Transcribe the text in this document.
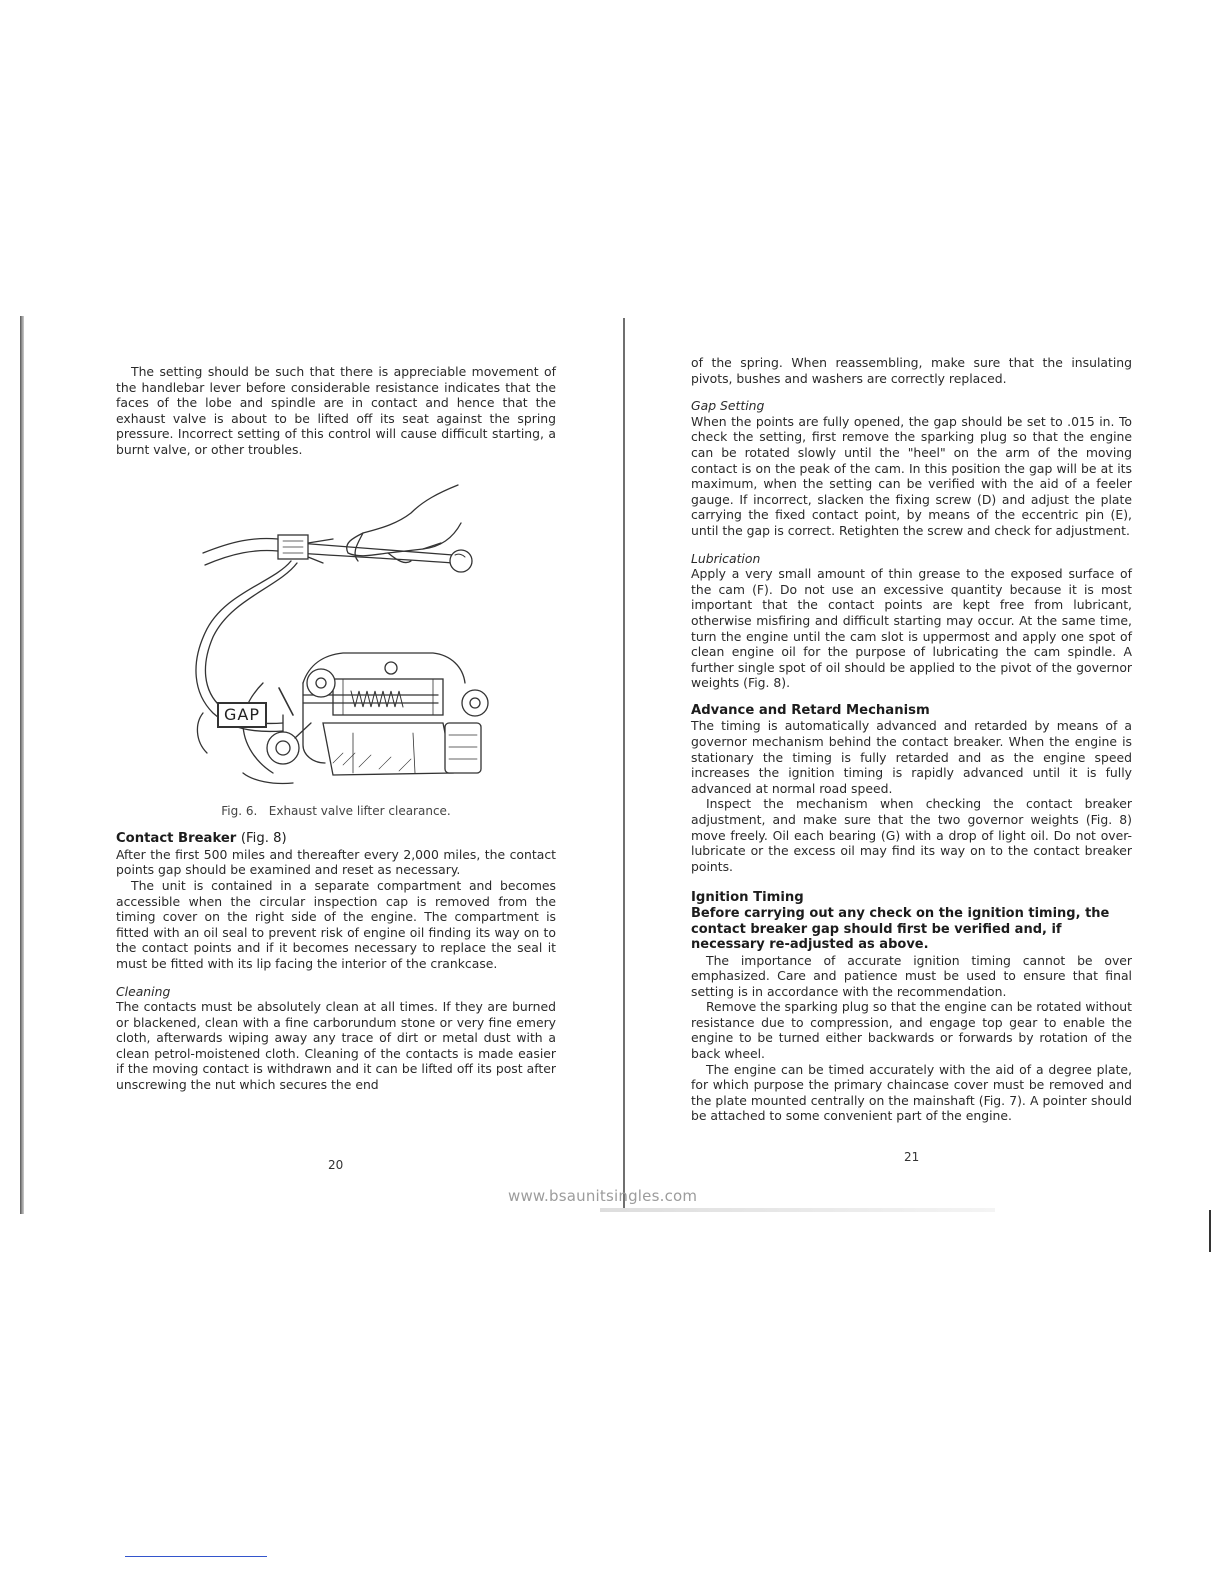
The setting should be such that there is appreciable movement of the handlebar lever before considerable resistance indicates that the faces of the lobe and spindle are in contact and hence that the exhaust valve is about to be lifted off its seat against the spring pressure. Incorrect setting of this control will cause difficult starting, a burnt valve, or other troubles.

GAP

Fig. 6. Exhaust valve lifter clearance.

Contact Breaker (Fig. 8)

After the first 500 miles and thereafter every 2,000 miles, the contact points gap should be examined and reset as necessary.

The unit is contained in a separate compartment and becomes accessible when the circular inspection cap is removed from the timing cover on the right side of the engine. The compartment is fitted with an oil seal to prevent risk of engine oil finding its way on to the contact points and if it becomes necessary to replace the seal it must be fitted with its lip facing the interior of the crankcase.

Cleaning

The contacts must be absolutely clean at all times. If they are burned or blackened, clean with a fine carborundum stone or very fine emery cloth, afterwards wiping away any trace of dirt or metal dust with a clean petrol-moistened cloth. Cleaning of the contacts is made easier if the moving contact is withdrawn and it can be lifted off its post after unscrewing the nut which secures the end

20

of the spring. When reassembling, make sure that the insulating pivots, bushes and washers are correctly replaced.

Gap Setting

When the points are fully opened, the gap should be set to .015 in. To check the setting, first remove the sparking plug so that the engine can be rotated slowly until the "heel" on the arm of the moving contact is on the peak of the cam. In this position the gap will be at its maximum, when the setting can be verified with the aid of a feeler gauge. If incorrect, slacken the fixing screw (D) and adjust the plate carrying the fixed contact point, by means of the eccentric pin (E), until the gap is correct. Retighten the screw and check for adjustment.

Lubrication

Apply a very small amount of thin grease to the exposed surface of the cam (F). Do not use an excessive quantity because it is most important that the contact points are kept free from lubricant, otherwise misfiring and difficult starting may occur. At the same time, turn the engine until the cam slot is uppermost and apply one spot of clean engine oil for the purpose of lubricating the cam spindle. A further single spot of oil should be applied to the pivot of the governor weights (Fig. 8).

Advance and Retard Mechanism

The timing is automatically advanced and retarded by means of a governor mechanism behind the contact breaker. When the engine is stationary the timing is fully retarded and as the engine speed increases the ignition timing is rapidly advanced until it is fully advanced at normal road speed.

Inspect the mechanism when checking the contact breaker adjustment, and make sure that the two governor weights (Fig. 8) move freely. Oil each bearing (G) with a drop of light oil. Do not over-lubricate or the excess oil may find its way on to the contact breaker points.

Ignition Timing

Before carrying out any check on the ignition timing, the contact breaker gap should first be verified and, if necessary re-adjusted as above.

The importance of accurate ignition timing cannot be over emphasized. Care and patience must be used to ensure that final setting is in accordance with the recommendation.

Remove the sparking plug so that the engine can be rotated without resistance due to compression, and engage top gear to enable the engine to be turned either backwards or forwards by rotation of the back wheel.

The engine can be timed accurately with the aid of a degree plate, for which purpose the primary chaincase cover must be removed and the plate mounted centrally on the mainshaft (Fig. 7). A pointer should be attached to some convenient part of the engine.

21
www.bsaunitsingles.com
